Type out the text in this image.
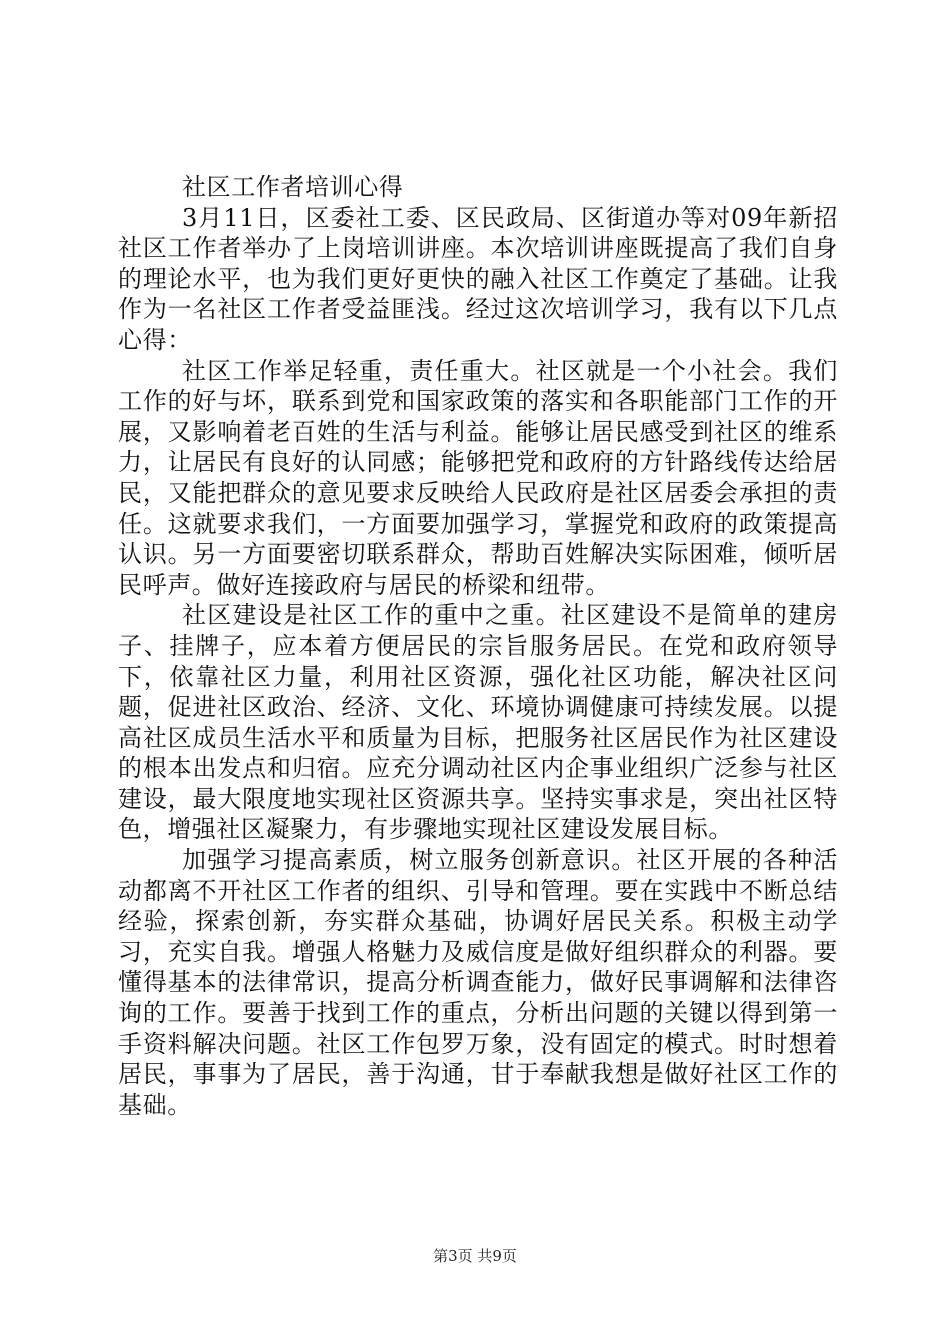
社区工作者培训心得

3月11日，区委社工委、区民政局、区街道办等对09年新招社区工作者举办了上岗培训讲座。本次培训讲座既提高了我们自身的理论水平，也为我们更好更快的融入社区工作奠定了基础。让我作为一名社区工作者受益匪浅。经过这次培训学习，我有以下几点心得：

社区工作举足轻重，责任重大。社区就是一个小社会。我们工作的好与坏，联系到党和国家政策的落实和各职能部门工作的开展，又影响着老百姓的生活与利益。能够让居民感受到社区的维系力，让居民有良好的认同感；能够把党和政府的方针路线传达给居民，又能把群众的意见要求反映给人民政府是社区居委会承担的责任。这就要求我们，一方面要加强学习，掌握党和政府的政策提高认识。另一方面要密切联系群众，帮助百姓解决实际困难，倾听居民呼声。做好连接政府与居民的桥梁和纽带。

社区建设是社区工作的重中之重。社区建设不是简单的建房子、挂牌子，应本着方便居民的宗旨服务居民。在党和政府领导下，依靠社区力量，利用社区资源，强化社区功能，解决社区问题，促进社区政治、经济、文化、环境协调健康可持续发展。以提高社区成员生活水平和质量为目标，把服务社区居民作为社区建设的根本出发点和归宿。应充分调动社区内企事业组织广泛参与社区建设，最大限度地实现社区资源共享。坚持实事求是，突出社区特色，增强社区凝聚力，有步骤地实现社区建设发展目标。

加强学习提高素质，树立服务创新意识。社区开展的各种活动都离不开社区工作者的组织、引导和管理。要在实践中不断总结经验，探索创新，夯实群众基础，协调好居民关系。积极主动学习，充实自我。增强人格魅力及威信度是做好组织群众的利器。要懂得基本的法律常识，提高分析调查能力，做好民事调解和法律咨询的工作。要善于找到工作的重点，分析出问题的关键以得到第一手资料解决问题。社区工作包罗万象，没有固定的模式。时时想着居民，事事为了居民，善于沟通，甘于奉献我想是做好社区工作的基础。

第3页 共9页
